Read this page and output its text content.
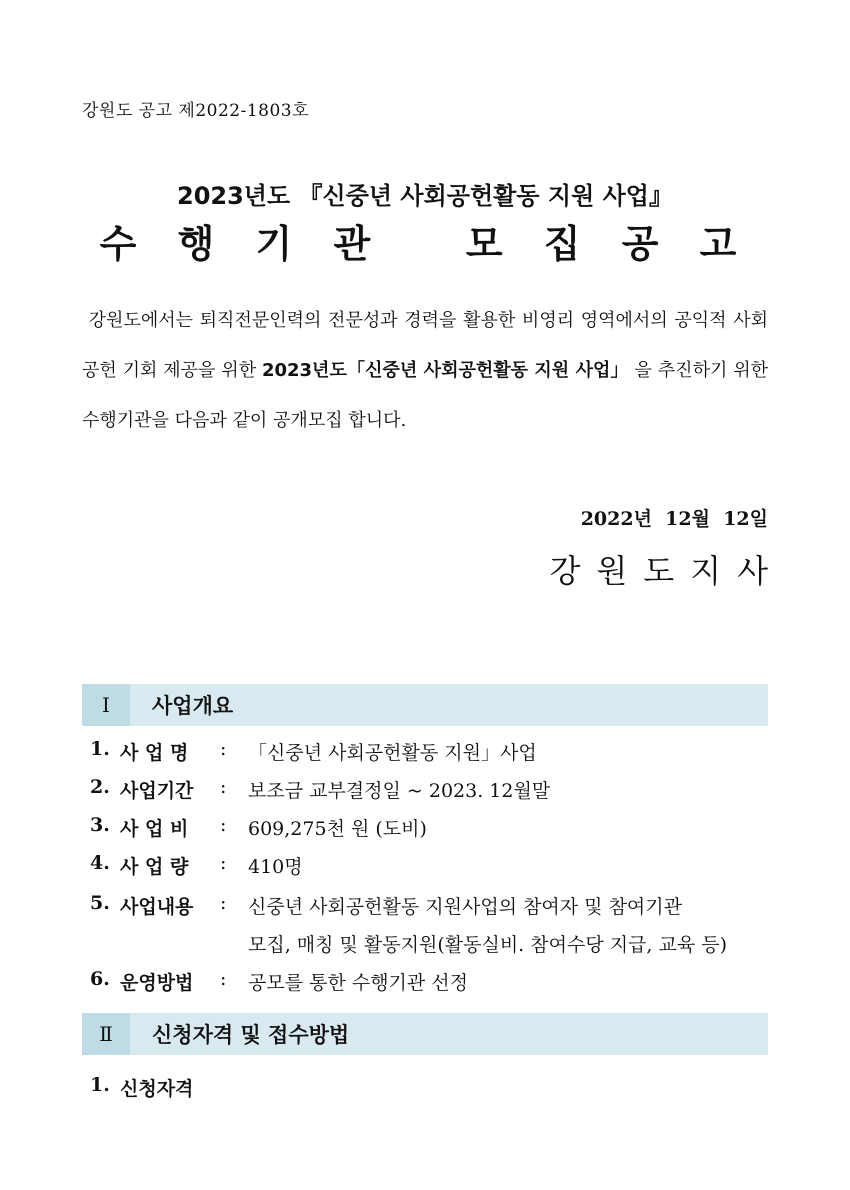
강원도 공고 제2022-1803호
2023년도 『신중년 사회공헌활동 지원 사업』
수 행 기 관   모 집 공 고
강원도에서는 퇴직전문인력의 전문성과 경력을 활용한 비영리 영역에서의 공익적 사회공헌 기회 제공을 위한 2023년도「신중년 사회공헌활동 지원 사업」 을 추진하기 위한 수행기관을 다음과 같이 공개모집 합니다.
2022년  12월  12일
강원도지사
Ⅰ	사업개요
1. 사 업 명	:	「신중년 사회공헌활동 지원」사업
2. 사업기간	:	보조금 교부결정일 ~ 2023. 12월말
3. 사 업 비	:	609,275천 원 (도비)
4. 사 업 량	:	410명
5. 사업내용	:	신중년 사회공헌활동 지원사업의 참여자 및 참여기관
모집, 매칭 및 활동지원(활동실비. 참여수당 지급, 교육 등)
6. 운영방법	:	공모를 통한 수행기관 선정
Ⅱ	신청자격 및 접수방법
1. 신청자격
